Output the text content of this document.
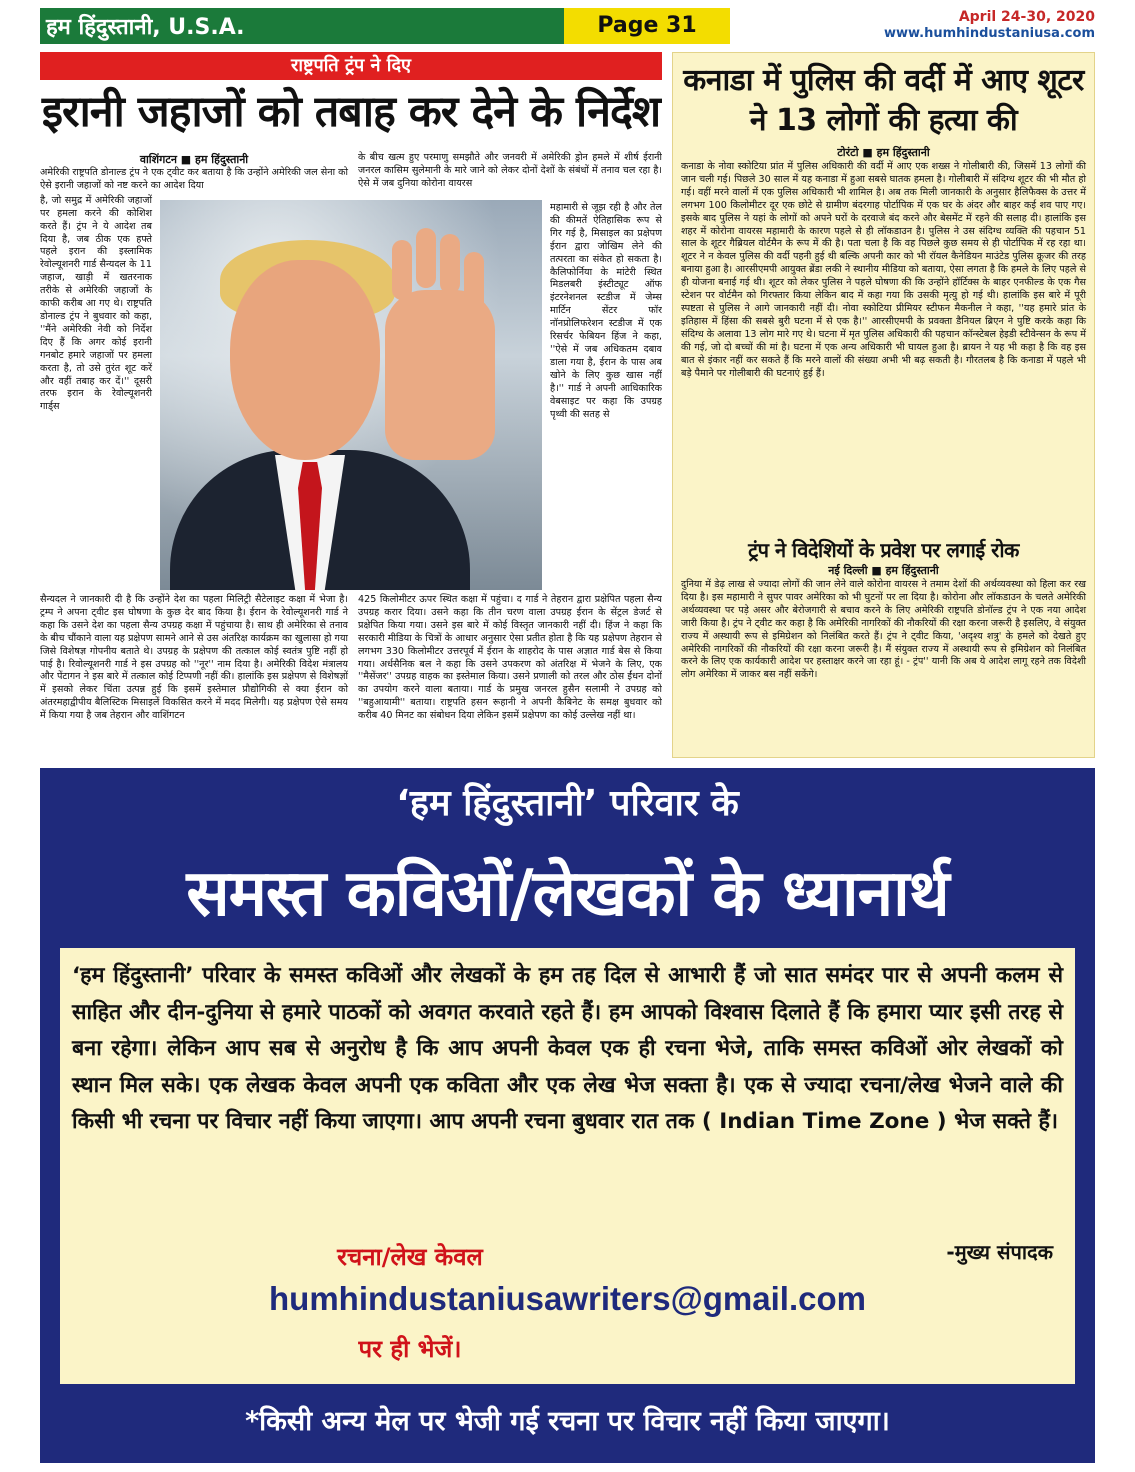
हम हिंदुस्तानी, U.S.A.	Page 31	April 24-30, 2020
www.humhindustaniusa.com
राष्ट्रपति ट्रंप ने दिए
इरानी जहाजों को तबाह कर देने के निर्देश
वाशिंगटन ■ हम हिंदुस्तानी

अमेरिकी राष्ट्रपति डोनाल्ड ट्रंप ने एक ट्वीट कर बताया है कि उन्होंने अमेरिकी जल सेना को ऐसे इरानी जहाजों को नष्ट करने का आदेश दिया

है, जो समुद्र में अमेरिकी जहाजों पर हमला करने की कोशिश करते हैं। ट्रंप ने ये आदेश तब दिया है, जब ठीक एक हफ्ते पहले इरान की इस्लामिक रेवोल्यूशनरी गार्ड सैन्यदल के 11 जहाज, खाड़ी में खतरनाक तरीके से अमेरिकी जहाजों के काफी करीब आ गए थे। राष्ट्रपति डोनाल्ड ट्रंप ने बुधवार को कहा, ''मैंने अमेरिकी नेवी को निर्देश दिए हैं कि अगर कोई इरानी गनबोट हमारे जहाजों पर हमला करता है, तो उसे तुरंत शूट करें और वहीं तबाह कर दें।'' दूसरी तरफ इरान के रेवोल्यूशनरी गार्ड्स

के बीच खत्म हुए परमाणु समझौते और जनवरी में अमेरिकी ड्रोन हमले में शीर्ष ईरानी जनरल कासिम सुलेमानी के मारे जाने को लेकर दोनों देशों के संबंधों में तनाव चल रहा है। ऐसे में जब दुनिया कोरोना वायरस

महामारी से जूझ रही है और तेल की कीमतें ऐतिहासिक रूप से गिर गई है, मिसाइल का प्रक्षेपण ईरान द्वारा जोखिम लेने की तत्परता का संकेत हो सकता है। कैलिफोर्निया के मांटेरी स्थित मिडलबरी इंस्टीट्यूट ऑफ इंटरनेशनल स्टडीज में जेम्स मार्टिन सेंटर फॉर नॉनप्रोलिफरेशन स्टडीज में एक रिसर्चर फेबियन हिंज ने कहा, ''ऐसे में जब अधिकतम दबाव डाला गया है, ईरान के पास अब खोने के लिए कुछ खास नहीं है।'' गार्ड ने अपनी आधिकारिक वेबसाइट पर कहा कि उपग्रह पृथ्वी की सतह से

सैन्यदल ने जानकारी दी है कि उन्होंने देश का पहला मिलिट्री सैटेलाइट कक्षा में भेजा है। ट्रम्प ने अपना ट्वीट इस घोषणा के कुछ देर बाद किया है। ईरान के रेवोल्यूशनरी गार्ड ने कहा कि उसने देश का पहला सैन्य उपग्रह कक्षा में पहुंचाया है। साथ ही अमेरिका से तनाव के बीच चौंकाने वाला यह प्रक्षेपण सामने आने से उस अंतरिक्ष कार्यक्रम का खुलासा हो गया जिसे विशेषज्ञ गोपनीय बताते थे। उपग्रह के प्रक्षेपण की तत्काल कोई स्वतंत्र पुष्टि नहीं हो पाई है। रिवोल्यूशनरी गार्ड ने इस उपग्रह को ''नूर'' नाम दिया है। अमेरिकी विदेश मंत्रालय और पेंटागन ने इस बारे में तत्काल कोई टिप्पणी नहीं की। हालांकि इस प्रक्षेपण से विशेषज्ञों में इसको लेकर चिंता उत्पन्न हुई कि इसमें इस्तेमाल प्रौद्योगिकी से क्या ईरान को अंतरमहाद्वीपीय बैलिस्टिक मिसाइलें विकसित करने में मदद मिलेगी। यह प्रक्षेपण ऐसे समय में किया गया है जब तेहरान और वाशिंगटन

425 किलोमीटर ऊपर स्थित कक्षा में पहुंचा। द गार्ड ने तेहरान द्वारा प्रक्षेपित पहला सैन्य उपग्रह करार दिया। उसने कहा कि तीन चरण वाला उपग्रह ईरान के सेंट्रल डेजर्ट से प्रक्षेपित किया गया। उसने इस बारे में कोई विस्तृत जानकारी नहीं दी। हिंज ने कहा कि सरकारी मीडिया के चित्रों के आधार अनुसार ऐसा प्रतीत होता है कि यह प्रक्षेपण तेहरान से लगभग 330 किलोमीटर उत्तरपूर्व में ईरान के शाहरोद के पास अज्ञात गार्ड बेस से किया गया। अर्धसैनिक बल ने कहा कि उसने उपकरण को अंतरिक्ष में भेजने के लिए, एक ''मैसेंजर'' उपग्रह वाहक का इस्तेमाल किया। उसने प्रणाली को तरल और ठोस ईंधन दोनों का उपयोग करने वाला बताया। गार्ड के प्रमुख जनरल हुसैन सलामी ने उपग्रह को ''बहुआयामी'' बताया। राष्ट्रपति हसन रूहानी ने अपनी कैबिनेट के समक्ष बुधवार को करीब 40 मिनट का संबोधन दिया लेकिन इसमें प्रक्षेपण का कोई उल्लेख नहीं था।

कनाडा में पुलिस की वर्दी में आए शूटर ने 13 लोगों की हत्या की
टोरंटो ■ हम हिंदुस्तानी

कनाडा के नोवा स्कोटिया प्रांत में पुलिस अधिकारी की वर्दी में आए एक शख्स ने गोलीबारी की, जिसमें 13 लोगों की जान चली गई। पिछले 30 साल में यह कनाडा में हुआ सबसे घातक हमला है। गोलीबारी में संदिग्ध शूटर की भी मौत हो गई। वहीं मरने वालों में एक पुलिस अधिकारी भी शामिल है। अब तक मिली जानकारी के अनुसार हैलिफैक्स के उत्तर में लगभग 100 किलोमीटर दूर एक छोटे से ग्रामीण बंदरगाह पोर्टापिक में एक घर के अंदर और बाहर कई शव पाए गए। इसके बाद पुलिस ने यहां के लोगों को अपने घरों के दरवाजे बंद करने और बेसमेंट में रहने की सलाह दी। हालांकि इस शहर में कोरोना वायरस महामारी के कारण पहले से ही लॉकडाउन है। पुलिस ने उस संदिग्ध व्यक्ति की पहचान 51 साल के शूटर गैब्रियल वोर्टमैन के रूप में की है। पता चला है कि वह पिछले कुछ समय से ही पोर्टापिक में रह रहा था। शूटर ने न केवल पुलिस की वर्दी पहनी हुई थी बल्कि अपनी कार को भी रॉयल कैनेडियन माउंटेड पुलिस क्रूजर की तरह बनाया हुआ है। आरसीएमपी आयुक्त ब्रेंडा लकी ने स्थानीय मीडिया को बताया, ऐसा लगता है कि हमले के लिए पहले से ही योजना बनाई गई थी। शूटर को लेकर पुलिस ने पहले घोषणा की कि उन्होंने हॉर्टिक्स के बाहर एनफील्ड के एक गैस स्टेशन पर वोर्टमैन को गिरफ्तार किया लेकिन बाद में कहा गया कि उसकी मृत्यु हो गई थी। हालांकि इस बारे में पूरी स्पष्टता से पुलिस ने आगे जानकारी नहीं दी। नोवा स्कोटिया प्रीमियर स्टीफन मैकनील ने कहा, ''यह हमारे प्रांत के इतिहास में हिंसा की सबसे बुरी घटना में से एक है।'' आरसीएमपी के प्रवक्ता डैनियल ब्रिएन ने पुष्टि करके कहा कि संदिग्ध के अलावा 13 लोग मारे गए थे। घटना में मृत पुलिस अधिकारी की पहचान कॉन्स्टेबल हेइडी स्टीवेन्सन के रूप में की गई, जो दो बच्चों की मां है। घटना में एक अन्य अधिकारी भी घायल हुआ है। ब्रायन ने यह भी कहा है कि वह इस बात से इंकार नहीं कर सकते हैं कि मरने वालों की संख्या अभी भी बढ़ सकती है। गौरतलब है कि कनाडा में पहले भी बड़े पैमाने पर गोलीबारी की घटनाएं हुई हैं।

ट्रंप ने विदेशियों के प्रवेश पर लगाई रोक
नई दिल्ली ■ हम हिंदुस्तानी

दुनिया में डेढ़ लाख से ज्यादा लोगों की जान लेने वाले कोरोना वायरस ने तमाम देशों की अर्थव्यवस्था को हिला कर रख दिया है। इस महामारी ने सुपर पावर अमेरिका को भी घुटनों पर ला दिया है। कोरोना और लॉकडाउन के चलते अमेरिकी अर्थव्यवस्था पर पड़े असर और बेरोजगारी से बचाव करने के लिए अमेरिकी राष्ट्रपति डोनॉल्ड ट्रंप ने एक नया आदेश जारी किया है। ट्रंप ने ट्वीट कर कहा है कि अमेरिकी नागरिकों की नौकरियों की रक्षा करना जरूरी है इसलिए, वे संयुक्त राज्य में अस्थायी रूप से इमिग्रेशन को निलंबित करते हैं। ट्रंप ने ट्वीट किया, 'अदृश्य शत्रु' के हमले को देखते हुए अमेरिकी नागरिकों की नौकरियों की रक्षा करना जरूरी है। मैं संयुक्त राज्य में अस्थायी रूप से इमिग्रेशन को निलंबित करने के लिए एक कार्यकारी आदेश पर हस्ताक्षर करने जा रहा हूं। - ट्रंप'' यानी कि अब ये आदेश लागू रहने तक विदेशी लोग अमेरिका में जाकर बस नहीं सकेंगे।

‘हम हिंदुस्तानी’ परिवार के
समस्त कविओं/लेखकों के ध्यानार्थ

‘हम हिंदुस्तानी’ परिवार के समस्त कविओं और लेखकों के हम तह दिल से आभारी हैं जो सात समंदर पार से अपनी कलम से साहित और दीन-दुनिया से हमारे पाठकों को अवगत करवाते रहते हैं। हम आपको विश्वास दिलाते हैं कि हमारा प्यार इसी तरह से बना रहेगा। लेकिन आप सब से अनुरोध है कि आप अपनी केवल एक ही रचना भेजे, ताकि समस्त कविओं ओर लेखकों को स्थान मिल सके। एक लेखक केवल अपनी एक कविता और एक लेख भेज सक्ता है। एक से ज्यादा रचना/लेख भेजने वाले की किसी भी रचना पर विचार नहीं किया जाएगा। आप अपनी रचना बुधवार रात तक ( Indian Time Zone ) भेज सक्ते हैं।

रचना/लेख केवल	-मुख्य संपादक
humhindustaniusawriters@gmail.com
पर ही भेजें।
*किसी अन्य मेल पर भेजी गई रचना पर विचार नहीं किया जाएगा।
